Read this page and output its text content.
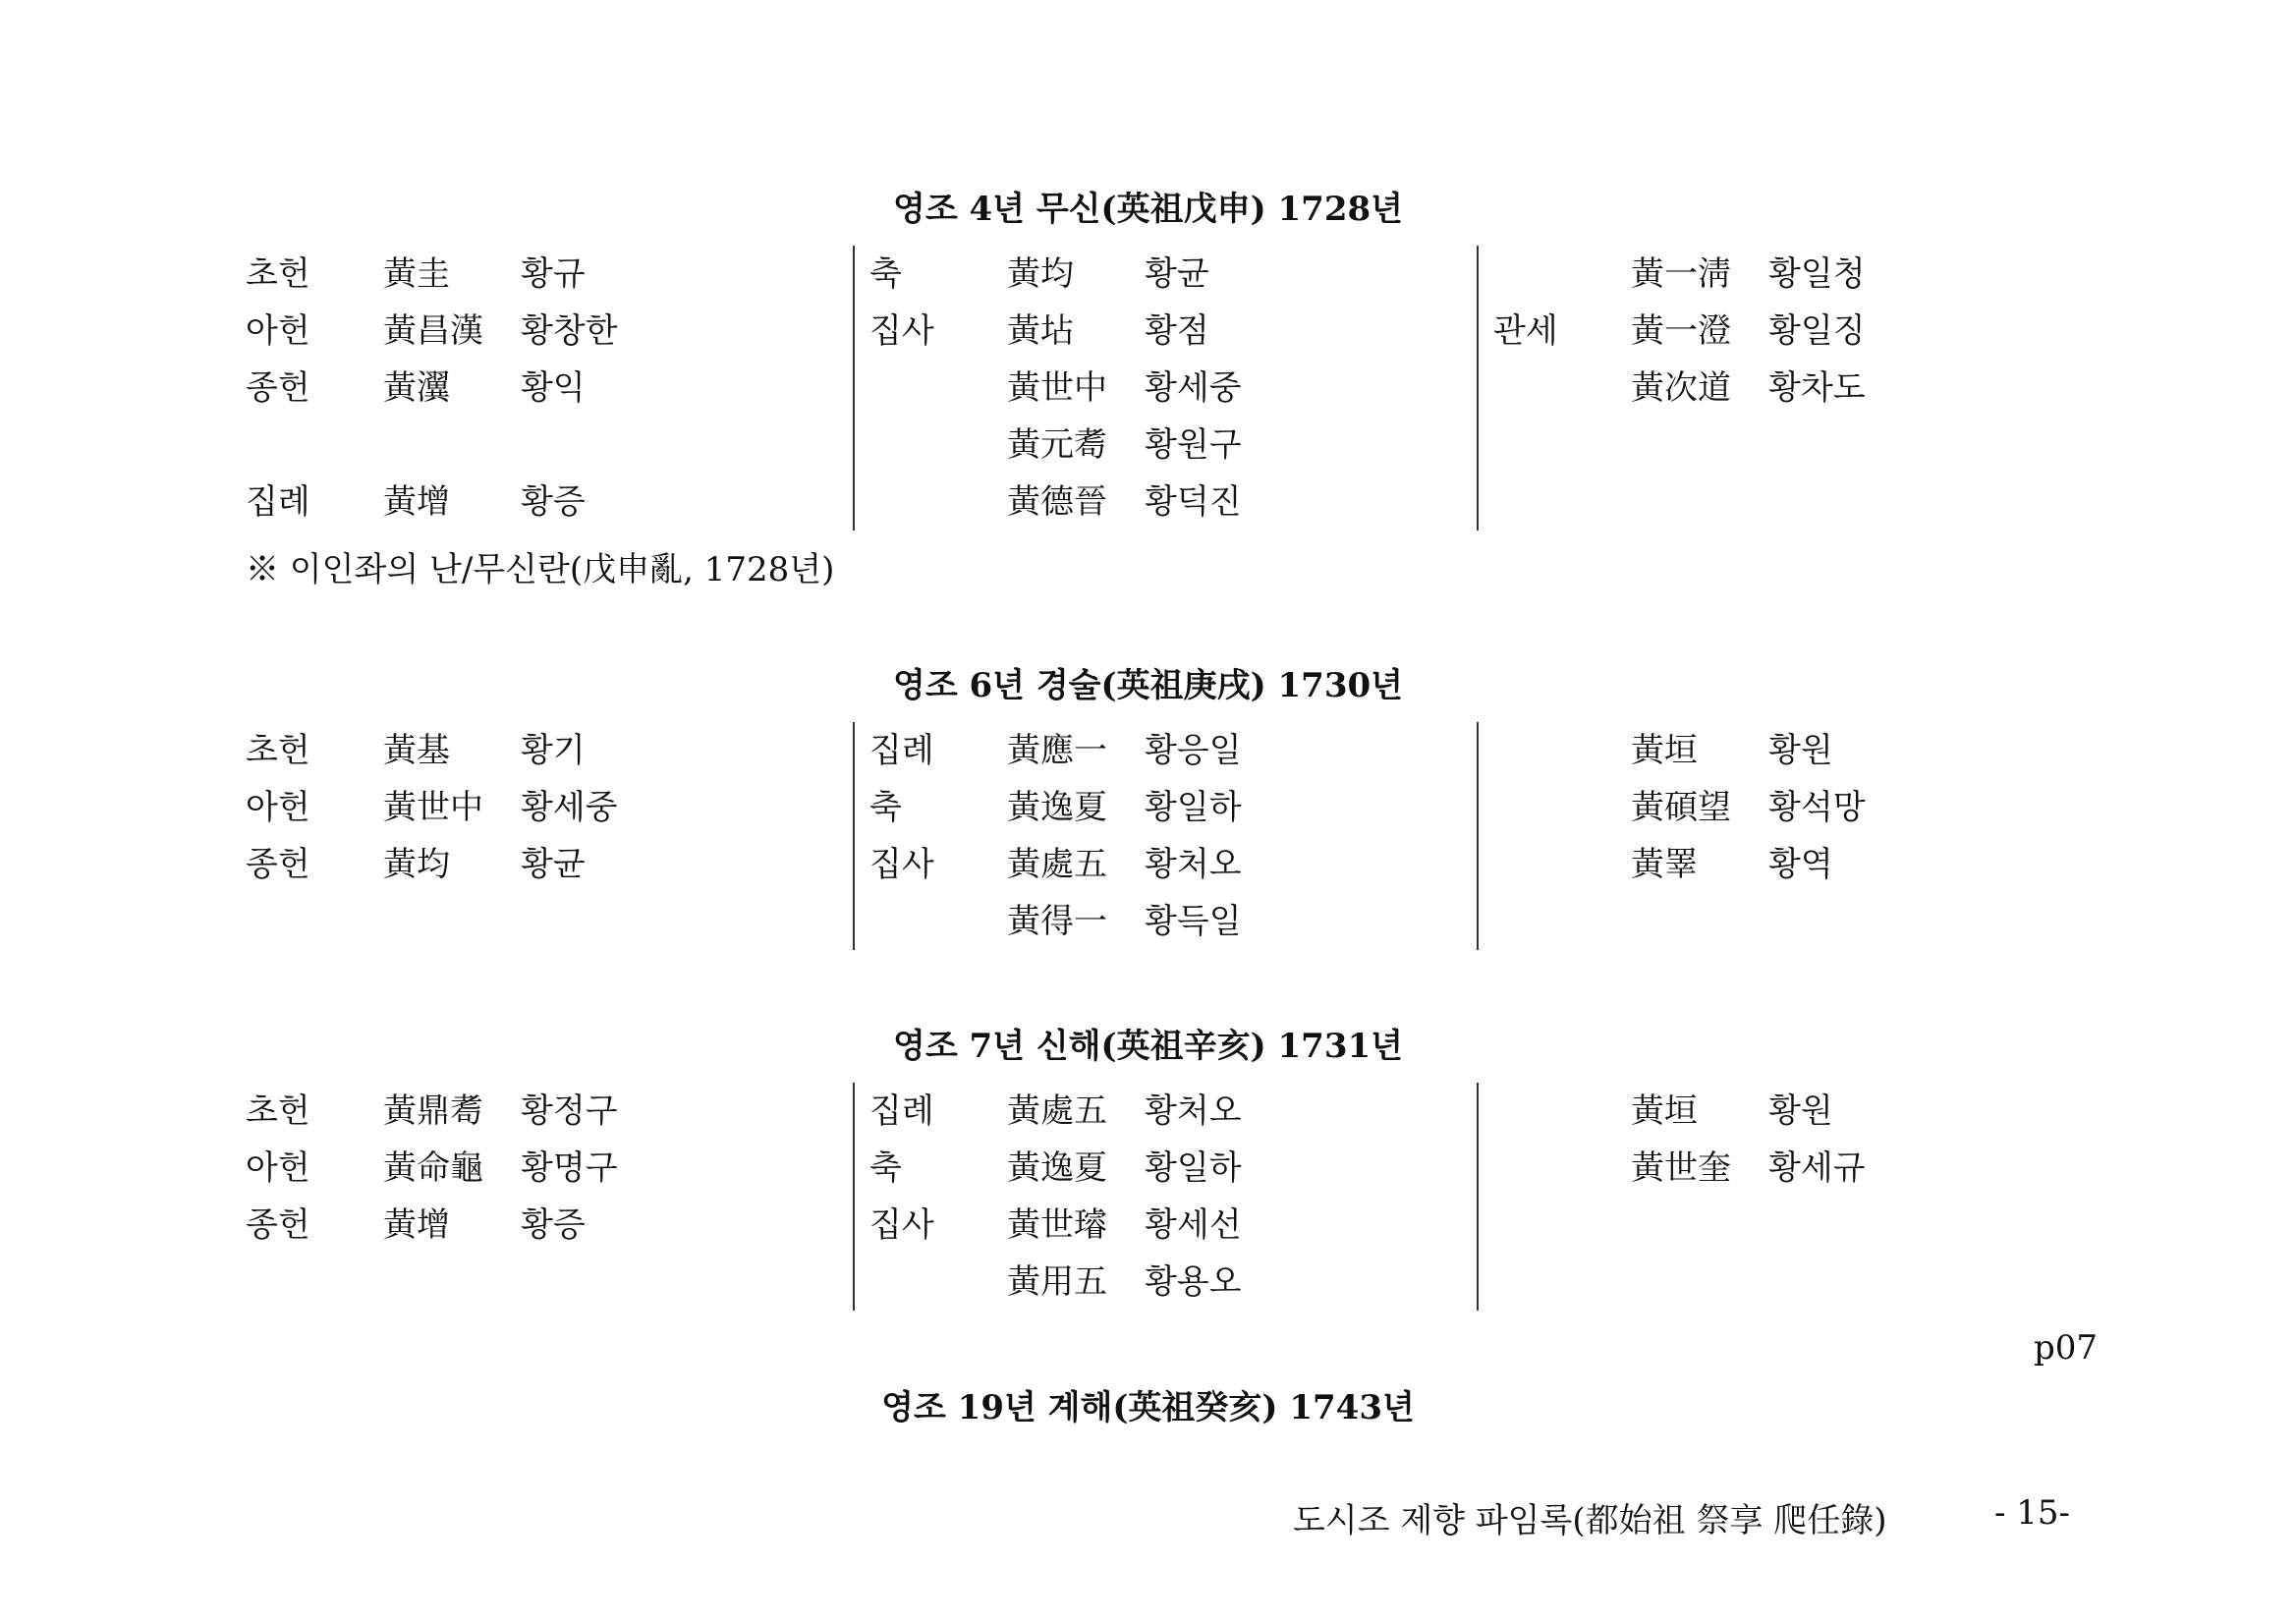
영조 4년 무신(英祖戊申) 1728년
초헌 黃圭 황규
아헌 黃昌漢 황창한
종헌 黃瀷 황익
집례 黃增 황증
축	黃均 황균
집사 黃坫 황점
黃世中 황세중
黃元耈 황원구
黃德晉 황덕진
黃一淸 황일청
관세 黃一澄 황일징
黃次道 황차도
영조 6년 경술(英祖庚戌) 1730년
초헌 黃基 황기
아헌 黃世中 황세중
종헌 黃均 황균
집례 黃應一 황응일
축	黃逸夏 황일하
집사 黃處五 황처오
黃得一 황득일
黃垣 황원
黃碩望 황석망
黃睪 황역
영조 7년 신해(英祖辛亥) 1731년
초헌 黃鼎耈 황정구
아헌 黃命龜 황명구
종헌 黃增 황증
집례 黃處五 황처오
축	黃逸夏 황일하
집사 黃世璿 황세선
黃用五 황용오
黃垣 황원
黃世奎 황세규
영조 19년 계해(英祖癸亥) 1743년
※ 이인좌의 난/무신란(戊申亂, 1728년)
p07
도시조 제향 파임록(都始祖 祭享 爬任錄)	- 15-
